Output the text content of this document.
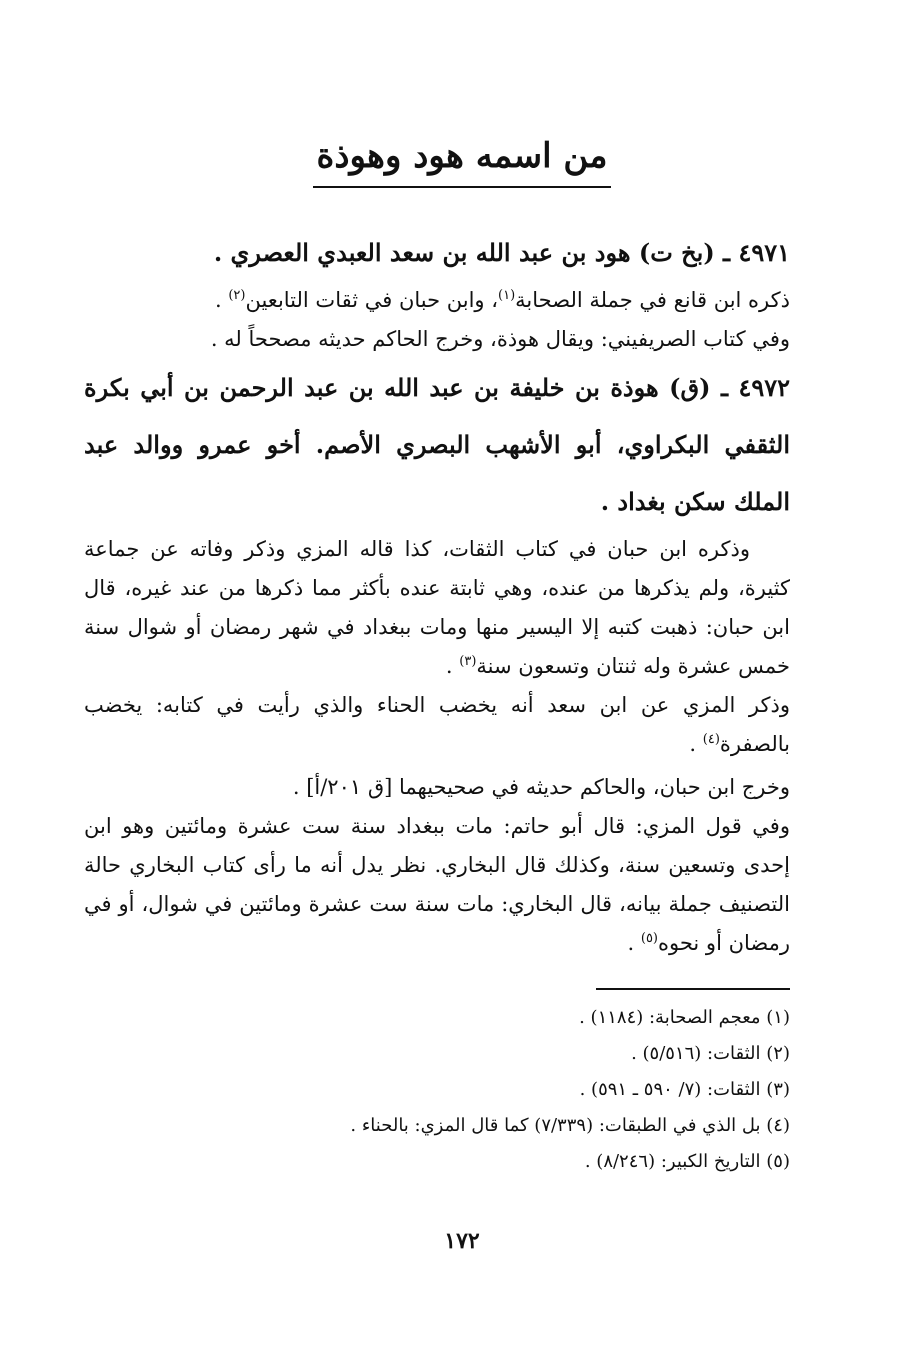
من اسمه هود وهوذة

٤٩٧١ ـ (بخ ت) هود بن عبد الله بن سعد العبدي العصري .

ذكره ابن قانع في جملة الصحابة$^{(١)}$، وابن حبان في ثقات التابعين$^{(٢)}$ .

وفي كتاب الصريفيني: ويقال هوذة، وخرج الحاكم حديثه مصححاً له .

٤٩٧٢ ـ (ق) هوذة بن خليفة بن عبد الله بن عبد الرحمن بن أبي بكرة الثقفي البكراوي، أبو الأشهب البصري الأصم. أخو عمرو ووالد عبد الملك سكن بغداد .

وذكره ابن حبان في كتاب الثقات، كذا قاله المزي وذكر وفاته عن جماعة كثيرة، ولم يذكرها من عنده، وهي ثابتة عنده بأكثر مما ذكرها من عند غيره، قال ابن حبان: ذهبت كتبه إلا اليسير منها ومات ببغداد في شهر رمضان أو شوال سنة خمس عشرة وله ثنتان وتسعون سنة$^{(٣)}$ .

وذكر المزي عن ابن سعد أنه يخضب الحناء والذي رأيت في كتابه: يخضب بالصفرة$^{(٤)}$ .

وخرج ابن حبان، والحاكم حديثه في صحيحيهما [ق ٢٠١/أ] .

وفي قول المزي: قال أبو حاتم: مات ببغداد سنة ست عشرة ومائتين وهو ابن إحدى وتسعين سنة، وكذلك قال البخاري. نظر يدل أنه ما رأى كتاب البخاري حالة التصنيف جملة بيانه، قال البخاري: مات سنة ست عشرة ومائتين في شوال، أو في رمضان أو نحوه$^{(٥)}$ .

(١) معجم الصحابة: (١١٨٤) .
(٢) الثقات: (٥/٥١٦) .
(٣) الثقات: (٧/ ٥٩٠ ـ ٥٩١) .
(٤) بل الذي في الطبقات: (٧/٣٣٩) كما قال المزي: بالحناء .
(٥) التاريخ الكبير: (٨/٢٤٦) .
١٧٢
